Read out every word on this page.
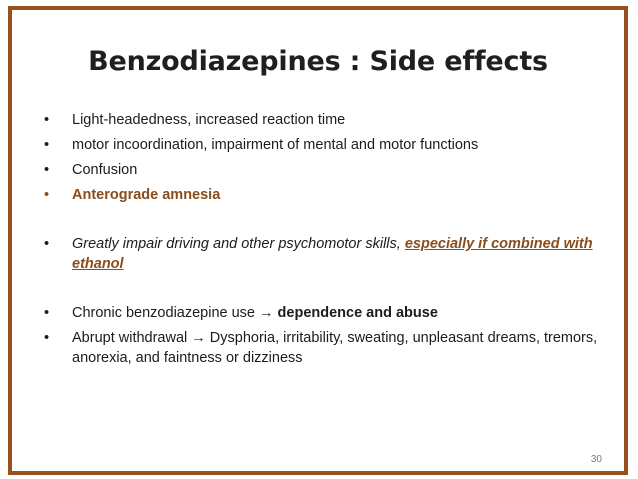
Benzodiazepines : Side effects
• Light-headedness, increased reaction time
• motor incoordination, impairment of mental and motor functions
• Confusion
• Anterograde amnesia
• Greatly impair driving and other psychomotor skills, especially if combined with ethanol
• Chronic benzodiazepine use → dependence and abuse
• Abrupt withdrawal → Dysphoria, irritability, sweating, unpleasant dreams, tremors, anorexia, and faintness or dizziness
30
